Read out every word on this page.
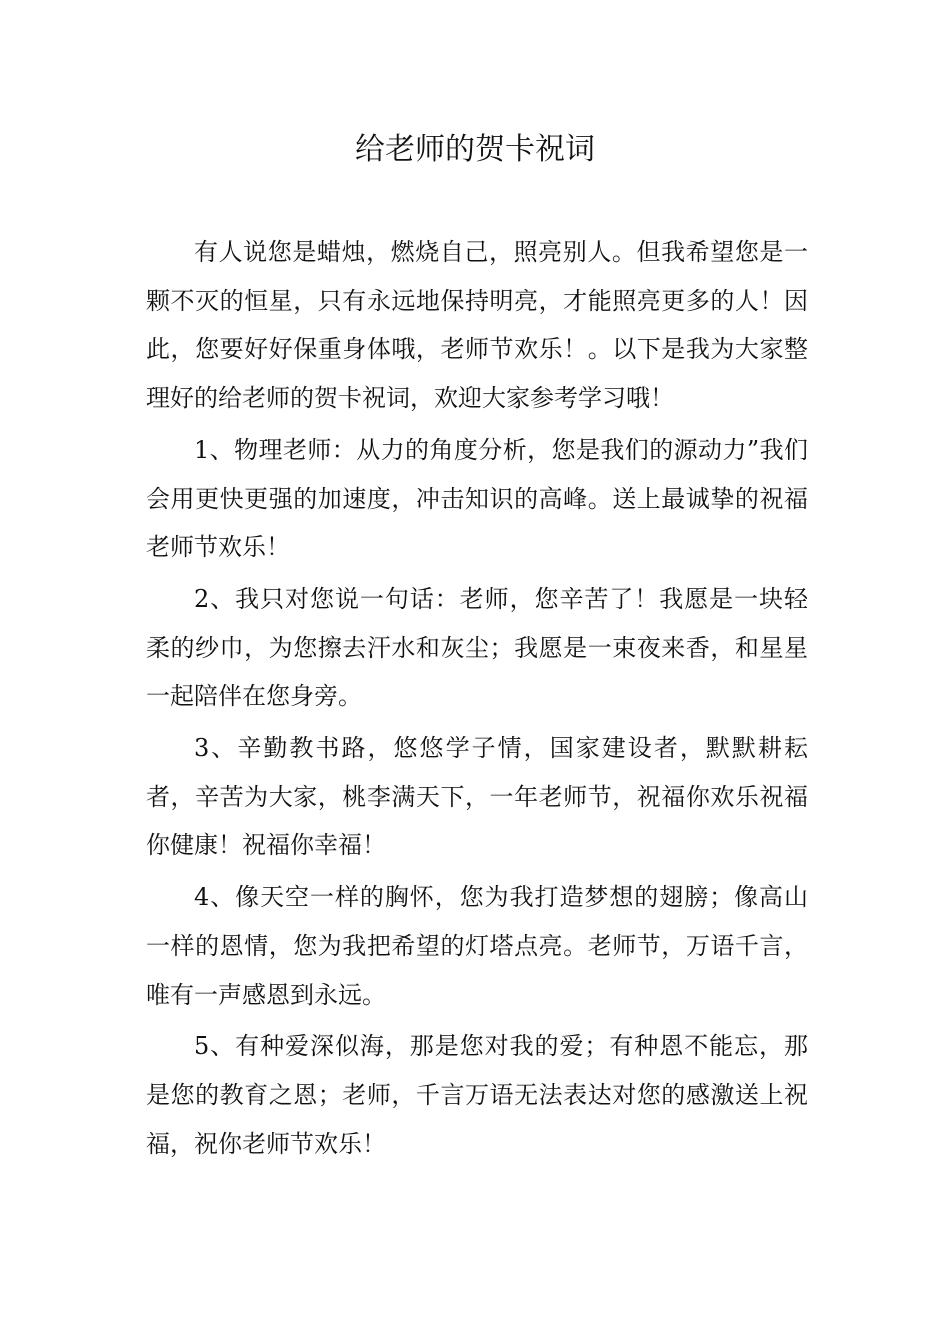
给老师的贺卡祝词

有人说您是蜡烛，燃烧自己，照亮别人。但我希望您是一颗不灭的恒星，只有永远地保持明亮，才能照亮更多的人！因此，您要好好保重身体哦，老师节欢乐！。以下是我为大家整理好的给老师的贺卡祝词，欢迎大家参考学习哦！

1、物理老师：从力的角度分析，您是我们的源动力”我们会用更快更强的加速度，冲击知识的高峰。送上最诚挚的祝福老师节欢乐！

2、我只对您说一句话：老师，您辛苦了！我愿是一块轻柔的纱巾，为您擦去汗水和灰尘；我愿是一束夜来香，和星星一起陪伴在您身旁。

3、辛勤教书路，悠悠学子情，国家建设者，默默耕耘者，辛苦为大家，桃李满天下，一年老师节，祝福你欢乐祝福你健康！祝福你幸福！

4、像天空一样的胸怀，您为我打造梦想的翅膀；像高山一样的恩情，您为我把希望的灯塔点亮。老师节，万语千言，唯有一声感恩到永远。

5、有种爱深似海，那是您对我的爱；有种恩不能忘，那是您的教育之恩；老师，千言万语无法表达对您的感激送上祝福，祝你老师节欢乐！
